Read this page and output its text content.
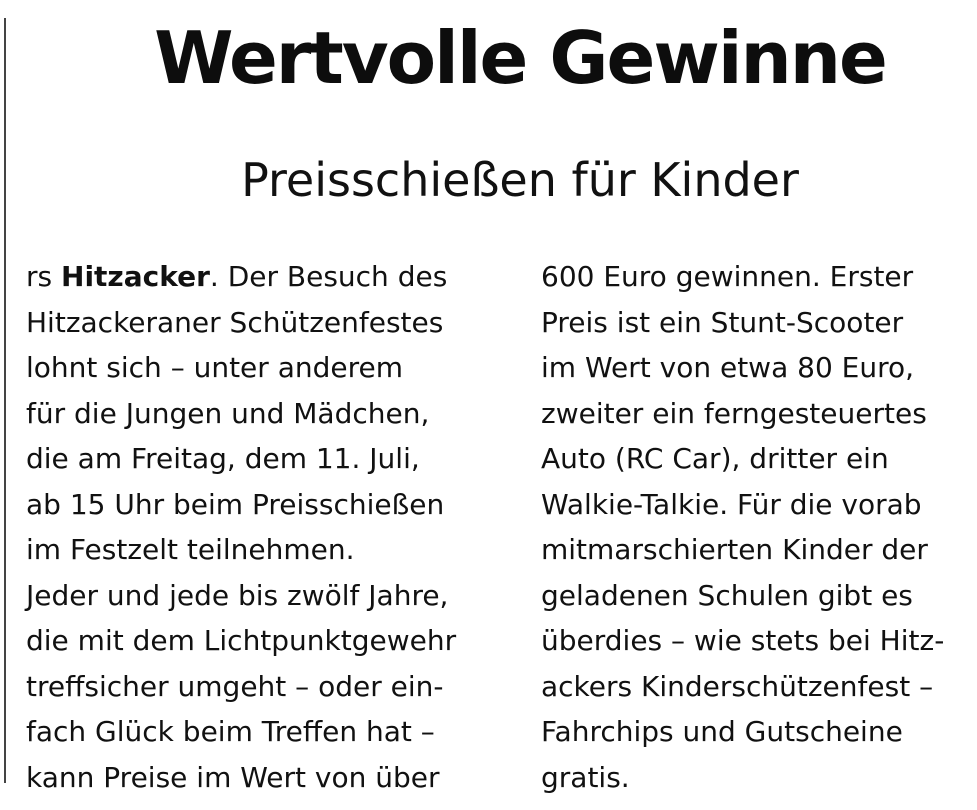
Wertvolle Gewinne
Preisschießen für Kinder
rs Hitzacker. Der Besuch des
Hitzackeraner Schützenfestes
lohnt sich – unter anderem
für die Jungen und Mädchen,
die am Freitag, dem 11. Juli,
ab 15 Uhr beim Preisschießen
im Festzelt teilnehmen.
Jeder und jede bis zwölf Jahre,
die mit dem Lichtpunktgewehr
treffsicher umgeht – oder ein-
fach Glück beim Treffen hat –
kann Preise im Wert von über
600 Euro gewinnen. Erster
Preis ist ein Stunt-Scooter
im Wert von etwa 80 Euro,
zweiter ein ferngesteuertes
Auto (RC Car), dritter ein
Walkie-Talkie. Für die vorab
mitmarschierten Kinder der
geladenen Schulen gibt es
überdies – wie stets bei Hitz-
ackers Kinderschützenfest –
Fahrchips und Gutscheine
gratis.
